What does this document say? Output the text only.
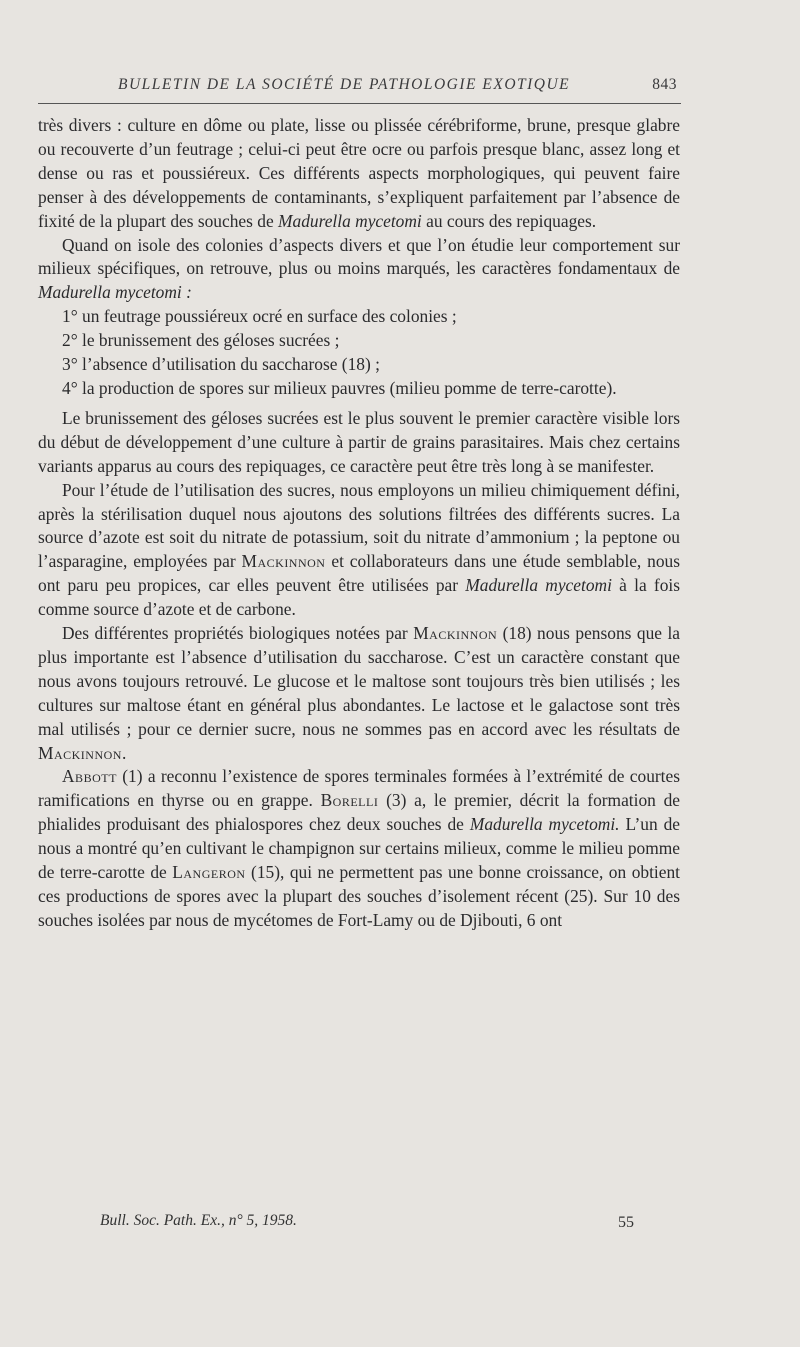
BULLETIN DE LA SOCIÉTÉ DE PATHOLOGIE EXOTIQUE	843

très divers : culture en dôme ou plate, lisse ou plissée cérébriforme, brune, presque glabre ou recouverte d’un feutrage ; celui-ci peut être ocre ou parfois presque blanc, assez long et dense ou ras et poussiéreux. Ces différents aspects morphologiques, qui peuvent faire penser à des développements de contaminants, s’expliquent parfaitement par l’absence de fixité de la plupart des souches de Madurella mycetomi au cours des repiquages.

Quand on isole des colonies d’aspects divers et que l’on étudie leur comportement sur milieux spécifiques, on retrouve, plus ou moins marqués, les caractères fondamentaux de Madurella mycetomi :

1° un feutrage poussiéreux ocré en surface des colonies ;

2° le brunissement des géloses sucrées ;

3° l’absence d’utilisation du saccharose (18) ;

4° la production de spores sur milieux pauvres (milieu pomme de terre-carotte).

Le brunissement des géloses sucrées est le plus souvent le premier caractère visible lors du début de développement d’une culture à partir de grains parasitaires. Mais chez certains variants apparus au cours des repiquages, ce caractère peut être très long à se manifester.

Pour l’étude de l’utilisation des sucres, nous employons un milieu chimiquement défini, après la stérilisation duquel nous ajoutons des solutions filtrées des différents sucres. La source d’azote est soit du nitrate de potassium, soit du nitrate d’ammonium ; la peptone ou l’asparagine, employées par Mackinnon et collaborateurs dans une étude semblable, nous ont paru peu propices, car elles peuvent être utilisées par Madurella mycetomi à la fois comme source d’azote et de carbone.

Des différentes propriétés biologiques notées par Mackinnon (18) nous pensons que la plus importante est l’absence d’utilisation du saccharose. C’est un caractère constant que nous avons toujours retrouvé. Le glucose et le maltose sont toujours très bien utilisés ; les cultures sur maltose étant en général plus abondantes. Le lactose et le galactose sont très mal utilisés ; pour ce dernier sucre, nous ne sommes pas en accord avec les résultats de Mackinnon.

Abbott (1) a reconnu l’existence de spores terminales formées à l’extrémité de courtes ramifications en thyrse ou en grappe. Borelli (3) a, le premier, décrit la formation de phialides produisant des phialospores chez deux souches de Madurella mycetomi. L’un de nous a montré qu’en cultivant le champignon sur certains milieux, comme le milieu pomme de terre-carotte de Langeron (15), qui ne permettent pas une bonne croissance, on obtient ces productions de spores avec la plupart des souches d’isolement récent (25). Sur 10 des souches isolées par nous de mycétomes de Fort-Lamy ou de Djibouti, 6 ont

Bull. Soc. Path. Ex., n° 5, 1958.	55
